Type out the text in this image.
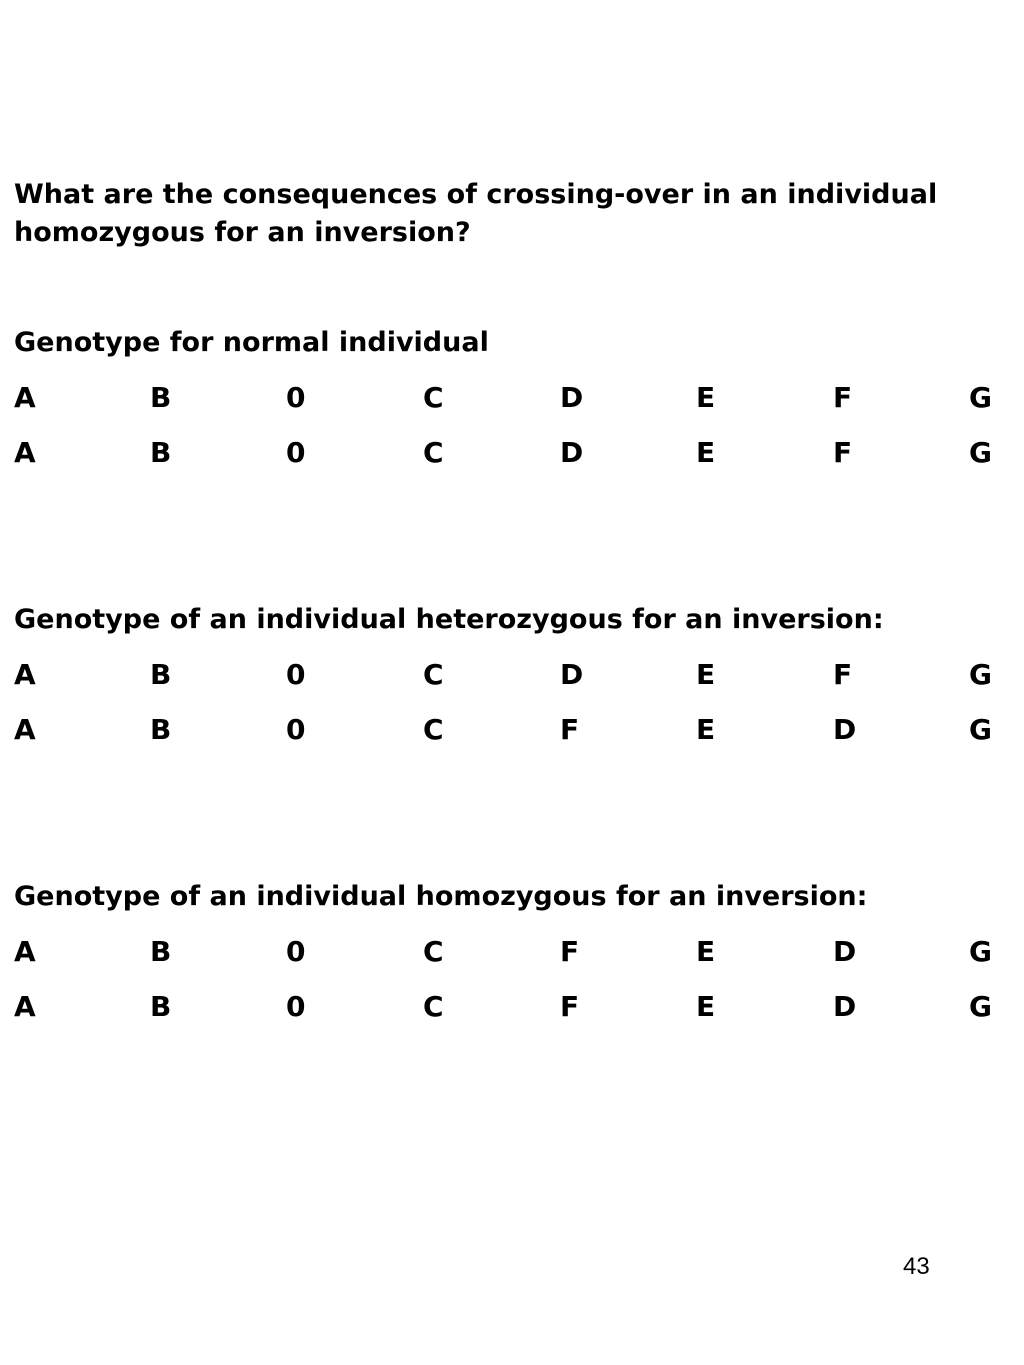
What are the consequences of crossing-over in an individual homozygous for an inversion?

Genotype for normal individual

A	B	0	C	D	E	F	G
A	B	0	C	D	E	F	G

Genotype of an individual heterozygous for an inversion:

A	B	0	C	D	E	F	G
A	B	0	C	F	E	D	G

Genotype of an individual homozygous for an inversion:

A	B	0	C	F	E	D	G
A	B	0	C	F	E	D	G
43
